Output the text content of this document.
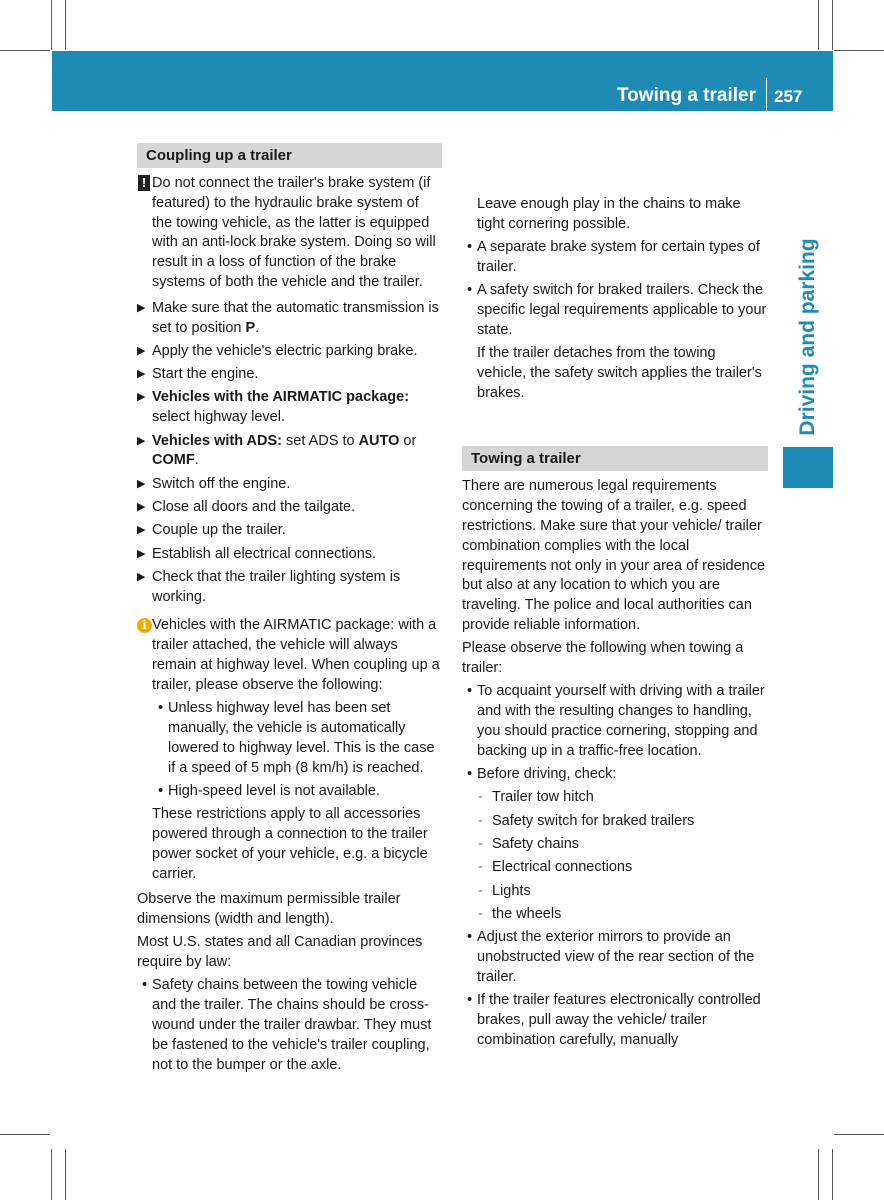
Towing a trailer 257
Driving and parking
Coupling up a trailer
! Do not connect the trailer's brake system (if featured) to the hydraulic brake system of the towing vehicle, as the latter is equipped with an anti-lock brake system. Doing so will result in a loss of function of the brake systems of both the vehicle and the trailer.
▶ Make sure that the automatic transmission is set to position P.
▶ Apply the vehicle's electric parking brake.
▶ Start the engine.
▶ Vehicles with the AIRMATIC package:
select highway level.
▶ Vehicles with ADS: set ADS to AUTO or COMF.
▶ Switch off the engine.
▶ Close all doors and the tailgate.
▶ Couple up the trailer.
▶ Establish all electrical connections.
▶ Check that the trailer lighting system is working.
i Vehicles with the AIRMATIC package: with a trailer attached, the vehicle will always remain at highway level. When coupling up a trailer, please observe the following:
• Unless highway level has been set manually, the vehicle is automatically lowered to highway level. This is the case if a speed of 5 mph (8 km/h) is reached.
• High-speed level is not available.

These restrictions apply to all accessories powered through a connection to the trailer power socket of your vehicle, e.g. a bicycle carrier.

Observe the maximum permissible trailer dimensions (width and length).

Most U.S. states and all Canadian provinces require by law:

• Safety chains between the towing vehicle and the trailer. The chains should be cross-wound under the trailer drawbar. They must be fastened to the vehicle's trailer coupling, not to the bumper or the axle.

Leave enough play in the chains to make tight cornering possible.

• A separate brake system for certain types of trailer.
• A safety switch for braked trailers. Check the specific legal requirements applicable to your state.

If the trailer detaches from the towing vehicle, the safety switch applies the trailer's brakes.

Towing a trailer

There are numerous legal requirements concerning the towing of a trailer, e.g. speed restrictions. Make sure that your vehicle/ trailer combination complies with the local requirements not only in your area of residence but also at any location to which you are traveling. The police and local authorities can provide reliable information.

Please observe the following when towing a trailer:

• To acquaint yourself with driving with a trailer and with the resulting changes to handling, you should practice cornering, stopping and backing up in a traffic-free location.
• Before driving, check:
- Trailer tow hitch
- Safety switch for braked trailers
- Safety chains
- Electrical connections
- Lights
- the wheels
• Adjust the exterior mirrors to provide an unobstructed view of the rear section of the trailer.
• If the trailer features electronically controlled brakes, pull away the vehicle/ trailer combination carefully, manually
